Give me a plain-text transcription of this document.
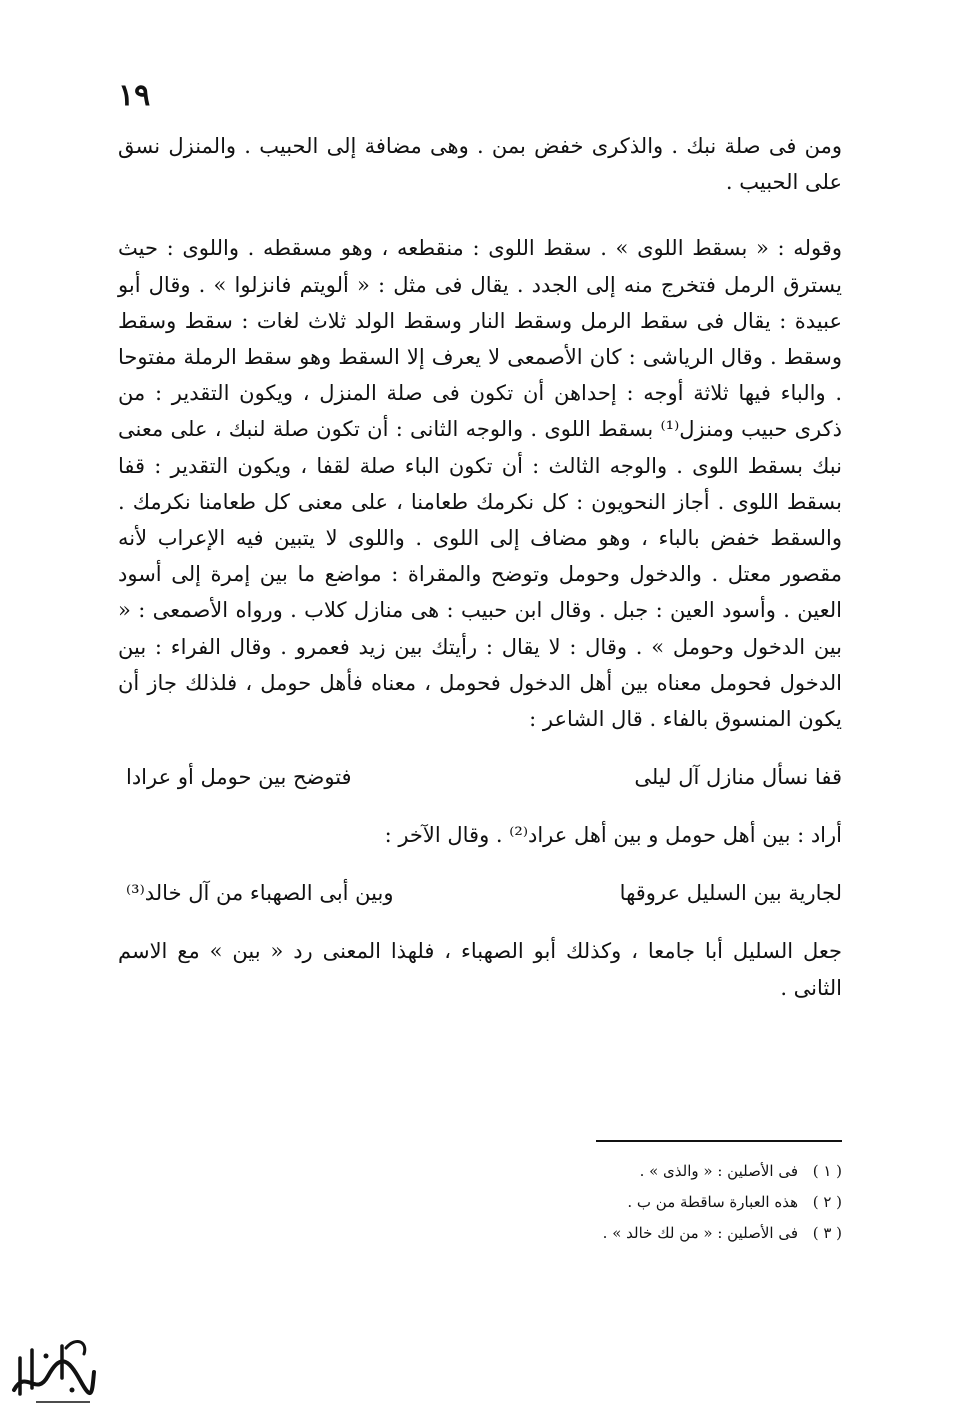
١٩

ومن فى صلة نبك . والذكرى خفض بمن . وهى مضافة إلى الحبيب . والمنزل نسق على الحبيب .

وقوله : « بسقط اللوى » . سقط اللوى : منقطعه ، وهو مسقطه . واللوى : حيث يسترق الرمل فتخرج منه إلى الجدد . يقال فى مثل : « ألويتم فانزلوا » . وقال أبو عبيدة : يقال فى سقط الرمل وسقط النار وسقط الولد ثلاث لغات : سقط وسقط وسقط . وقال الرياشى : كان الأصمعى لا يعرف إلا السقط وهو سقط الرملة مفتوحا . والباء فيها ثلاثة أوجه : إحداهن أن تكون فى صلة المنزل ، ويكون التقدير : من ذكرى حبيب ومنزل⁽¹⁾ بسقط اللوى . والوجه الثانى : أن تكون صلة لنبك ، على معنى نبك بسقط اللوى . والوجه الثالث : أن تكون الباء صلة لقفا ، ويكون التقدير : قفا بسقط اللوى . أجاز النحويون : كل نكرمك طعامنا ، على معنى كل طعامنا نكرمك . والسقط خفض بالباء ، وهو مضاف إلى اللوى . واللوى لا يتبين فيه الإعراب لأنه مقصور معتل . والدخول وحومل وتوضح والمقراة : مواضع ما بين إمرة إلى أسود العين . وأسود العين : جبل . وقال ابن حبيب : هى منازل كلاب . ورواه الأصمعى : « بين الدخول وحومل » . وقال : لا يقال : رأيتك بين زيد فعمرو . وقال الفراء : بين الدخول فحومل معناه بين أهل الدخول فحومل ، معناه فأهل حومل ، فلذلك جاز أن يكون المنسوق بالفاء . قال الشاعر :

قفا نسأل منازل آل ليلى
فتوضح بين حومل أو عرادا

أراد : بين أهل حومل و بين أهل عراد⁽²⁾ . وقال الآخر :

لجارية بين السليل عروقها
وبين أبى الصهباء من آل خالد⁽³⁾

جعل السليل أبا جامعا ، وكذلك أبو الصهباء ، فلهذا المعنى رد « بين » مع الاسم الثانى .

( ١ )
فى الأصلين : « والذى » .
( ٢ )
هذه العبارة ساقطة من ب .
( ٣ )
فى الأصلين : « من لك خالد » .
